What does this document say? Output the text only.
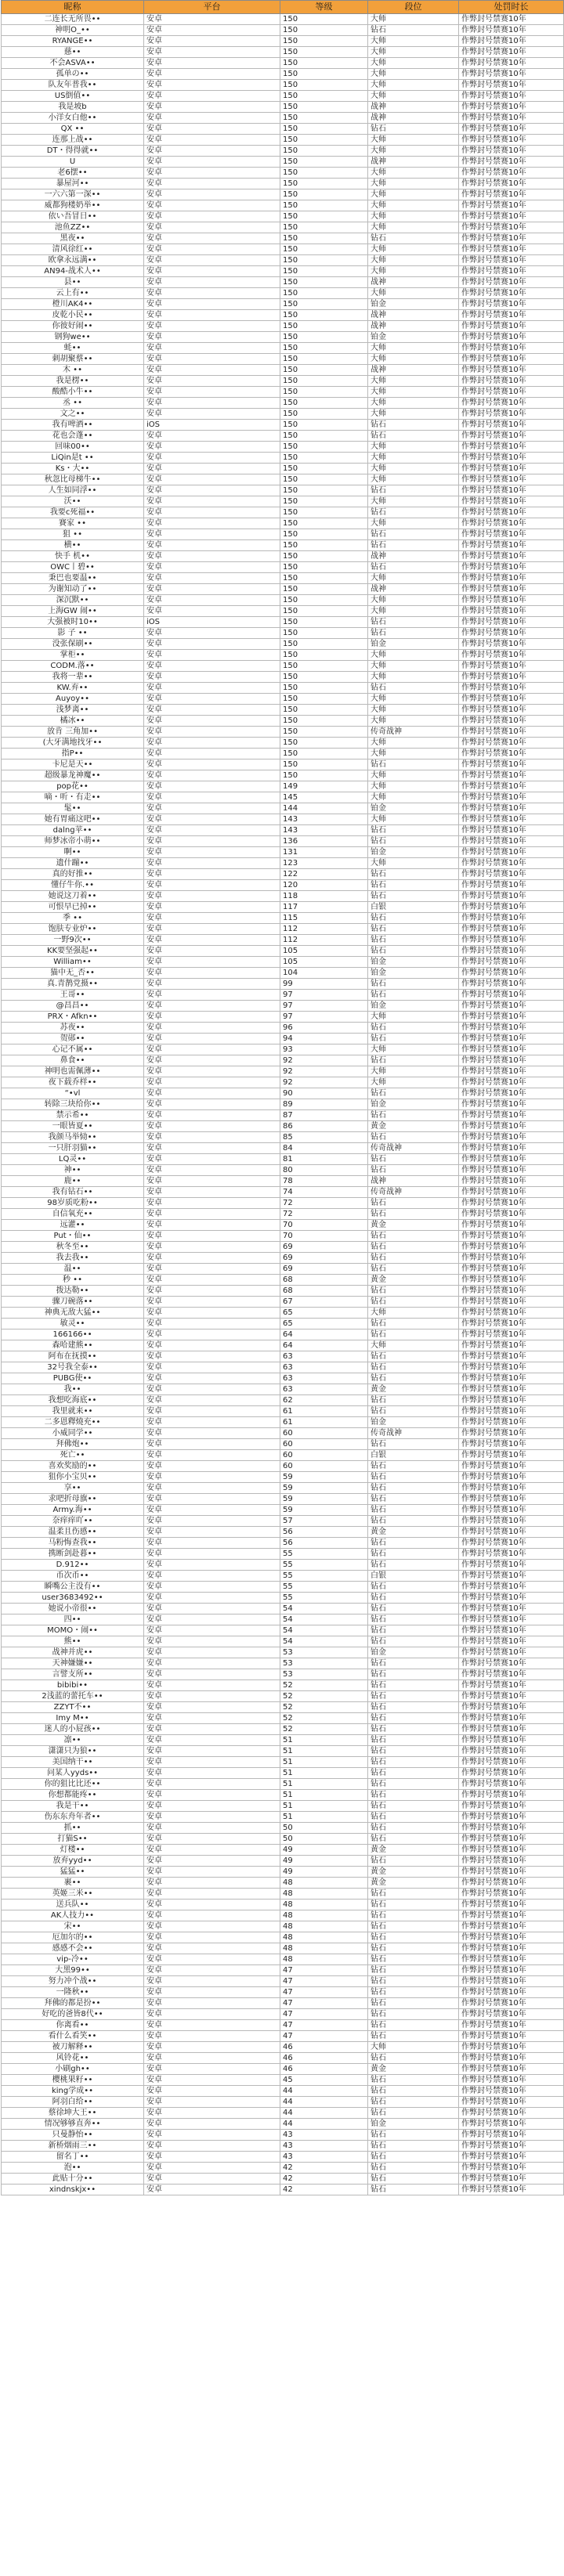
昵称	平台	等级	段位	处罚时长
二连长无所畏••	安卓	150	大师	作弊封号禁赛10年
神明O_••	安卓	150	钻石	作弊封号禁赛10年
RYANGE••	安卓	150	大师	作弊封号禁赛10年
慈••	安卓	150	大师	作弊封号禁赛10年
不会ASVA••	安卓	150	大师	作弊封号禁赛10年
孤单の••	安卓	150	大师	作弊封号禁赛10年
队友年普我••	安卓	150	大师	作弊封号禁赛10年
US倒值••	安卓	150	大师	作弊封号禁赛10年
我是坡b	安卓	150	战神	作弊封号禁赛10年
小洋女白他••	安卓	150	战神	作弊封号禁赛10年
QX ••	安卓	150	钻石	作弊封号禁赛10年
连那上战••	安卓	150	大师	作弊封号禁赛10年
DT・得得就••	安卓	150	大师	作弊封号禁赛10年
U	安卓	150	战神	作弊封号禁赛10年
老6摆••	安卓	150	大师	作弊封号禁赛10年
暴屋河••	安卓	150	大师	作弊封号禁赛10年
一六六第一深••	安卓	150	大师	作弊封号禁赛10年
威都狗楼奶举••	安卓	150	大师	作弊封号禁赛10年
依い吾冒日••	安卓	150	大师	作弊封号禁赛10年
池鱼ZZ••	安卓	150	大师	作弊封号禁赛10年
黑夜••	安卓	150	钻石	作弊封号禁赛10年
清风徐红••	安卓	150	大师	作弊封号禁赛10年
欧拿永远满••	安卓	150	大师	作弊封号禁赛10年
AN94-战术人••	安卓	150	大师	作弊封号禁赛10年
县••	安卓	150	战神	作弊封号禁赛10年
云上有••	安卓	150	大师	作弊封号禁赛10年
橙川AK4••	安卓	150	铂金	作弊封号禁赛10年
皮乾小民••	安卓	150	战神	作弊封号禁赛10年
你彼好闹••	安卓	150	战神	作弊封号禁赛10年
钢狗we••	安卓	150	铂金	作弊封号禁赛10年
蚝••	安卓	150	大师	作弊封号禁赛10年
刺胡聚蔡••	安卓	150	大师	作弊封号禁赛10年
木 ••	安卓	150	战神	作弊封号禁赛10年
我是楞••	安卓	150	大师	作弊封号禁赛10年
酸酷小牛••	安卓	150	大师	作弊封号禁赛10年
丞 ••	安卓	150	大师	作弊封号禁赛10年
文之••	安卓	150	大师	作弊封号禁赛10年
我有啤酒••	iOS	150	钻石	作弊封号禁赛10年
花也会蓬••	安卓	150	钻石	作弊封号禁赛10年
回味00••	安卓	150	大师	作弊封号禁赛10年
LiQin是t ••	安卓	150	大师	作弊封号禁赛10年
Ks・大••	安卓	150	大师	作弊封号禁赛10年
秋忽比母梯牛••	安卓	150	大师	作弊封号禁赛10年
人生如同浮••	安卓	150	钻石	作弊封号禁赛10年
沃••	安卓	150	大师	作弊封号禁赛10年
我要c死福••	安卓	150	钻石	作弊封号禁赛10年
賽家 ••	安卓	150	大师	作弊封号禁赛10年
狙 ••	安卓	150	钻石	作弊封号禁赛10年
横••	安卓	150	钻石	作弊封号禁赛10年
快手 机••	安卓	150	战神	作弊封号禁赛10年
OWC丨碧••	安卓	150	钻石	作弊封号禁赛10年
秉巴也要温••	安卓	150	大师	作弊封号禁赛10年
为谢知动了••	安卓	150	战神	作弊封号禁赛10年
深沉默••	安卓	150	大师	作弊封号禁赛10年
上海GW 闹••	安卓	150	大师	作弊封号禁赛10年
大强被时10••	iOS	150	钻石	作弊封号禁赛10年
影 子 ••	安卓	150	钻石	作弊封号禁赛10年
没张保刷••	安卓	150	铂金	作弊封号禁赛10年
掌柜••	安卓	150	大师	作弊封号禁赛10年
CODM.落••	安卓	150	大师	作弊封号禁赛10年
我将一辈••	安卓	150	大师	作弊封号禁赛10年
KW.弃••	安卓	150	钻石	作弊封号禁赛10年
Auyoy••	安卓	150	大师	作弊封号禁赛10年
浅梦离••	安卓	150	大师	作弊封号禁赛10年
橘冰••	安卓	150	大师	作弊封号禁赛10年
放肯 三角加••	安卓	150	传奇战神	作弊封号禁赛10年
(大牙满地找牙••	安卓	150	大师	作弊封号禁赛10年
指P••	安卓	150	大师	作弊封号禁赛10年
卡尼是天••	安卓	150	钻石	作弊封号禁赛10年
超级暴龙神魔••	安卓	150	大师	作弊封号禁赛10年
pop花••	安卓	149	大师	作弊封号禁赛10年
嘀・听・有走••	安卓	145	大师	作弊封号禁赛10年
髦••	安卓	144	铂金	作弊封号禁赛10年
她有胃痛这吧••	安卓	143	大师	作弊封号禁赛10年
dalng苹••	安卓	143	钻石	作弊封号禁赛10年
师梦冰帝小萌••	安卓	136	钻石	作弊封号禁赛10年
啊••	安卓	131	铂金	作弊封号禁赛10年
遗什蹦••	安卓	123	大师	作弊封号禁赛10年
真的好推••	安卓	122	钻石	作弊封号禁赛10年
懂仔牛你.••	安卓	120	钻石	作弊封号禁赛10年
她说这刀着••	安卓	118	钻石	作弊封号禁赛10年
可恨早已掉••	安卓	117	白银	作弊封号禁赛10年
季 ••	安卓	115	钻石	作弊封号禁赛10年
饱肤专业炉••	安卓	112	钻石	作弊封号禁赛10年
一野9次••	安卓	112	钻石	作弊封号禁赛10年
KK要坚强起••	安卓	105	钻石	作弊封号禁赛10年
William••	安卓	105	铂金	作弊封号禁赛10年
猫中无_否••	安卓	104	铂金	作弊封号禁赛10年
真.青鹊党摄••	安卓	99	钻石	作弊封号禁赛10年
王哥••	安卓	97	钻石	作弊封号禁赛10年
@昌昌••	安卓	97	铂金	作弊封号禁赛10年
PRX・Afkn••	安卓	97	大师	作弊封号禁赛10年
苏夜••	安卓	96	钻石	作弊封号禁赛10年
贺郧••	安卓	94	钻石	作弊封号禁赛10年
心记不属••	安卓	93	大师	作弊封号禁赛10年
鼻食••	安卓	92	钻石	作弊封号禁赛10年
神明也需佩薄••	安卓	92	大师	作弊封号禁赛10年
夜下载乔样••	安卓	92	大师	作弊封号禁赛10年
“•vl	安卓	90	钻石	作弊封号禁赛10年
转除三块给你••	安卓	89	铂金	作弊封号禁赛10年
禁示希••	安卓	87	钻石	作弊封号禁赛10年
一眼皆夏••	安卓	86	黄金	作弊封号禁赛10年
我颜马举恸••	安卓	85	钻石	作弊封号禁赛10年
一只肝羽猫••	安卓	84	传奇战神	作弊封号禁赛10年
LQ灵••	安卓	81	钻石	作弊封号禁赛10年
神••	安卓	80	钻石	作弊封号禁赛10年
鹿••	安卓	78	战神	作弊封号禁赛10年
我有钻石••	安卓	74	传奇战神	作弊封号禁赛10年
98岁质吃粉••	安卓	72	钻石	作弊封号禁赛10年
自信氧充••	安卓	72	钻石	作弊封号禁赛10年
远灌••	安卓	70	黄金	作弊封号禁赛10年
Put・仙••	安卓	70	钻石	作弊封号禁赛10年
秋冬至••	安卓	69	钻石	作弊封号禁赛10年
我去我••	安卓	69	钻石	作弊封号禁赛10年
温••	安卓	69	钻石	作弊封号禁赛10年
秒 ••	安卓	68	黄金	作弊封号禁赛10年
拨达勒••	安卓	68	钻石	作弊封号禁赛10年
骤刀碗落••	安卓	67	钻石	作弊封号禁赛10年
神典无敌大猛••	安卓	65	大师	作弊封号禁赛10年
敏灵••	安卓	65	钻石	作弊封号禁赛10年
166166••	安卓	64	钻石	作弊封号禁赛10年
森哈建熊••	安卓	64	大师	作弊封号禁赛10年
阿布在抚摸••	安卓	63	钻石	作弊封号禁赛10年
32号我全泰••	安卓	63	钻石	作弊封号禁赛10年
PUBG使••	安卓	63	钻石	作弊封号禁赛10年
我••	安卓	63	黄金	作弊封号禁赛10年
我想吃海底••	安卓	62	钻石	作弊封号禁赛10年
我里就来••	安卓	61	钻石	作弊封号禁赛10年
二多恩釋燒充••	安卓	61	铂金	作弊封号禁赛10年
小威同学••	安卓	60	传奇战神	作弊封号禁赛10年
拜佛炮••	安卓	60	钻石	作弊封号禁赛10年
死亡••	安卓	60	白银	作弊封号禁赛10年
喜欢奖励的••	安卓	60	钻石	作弊封号禁赛10年
狙你小宝贝••	安卓	59	钻石	作弊封号禁赛10年
享••	安卓	59	钻石	作弊封号禁赛10年
求吧折母旗••	安卓	59	钻石	作弊封号禁赛10年
Army.海••	安卓	59	钻石	作弊封号禁赛10年
奈痒痒吖••	安卓	57	钻石	作弊封号禁赛10年
温柔且伤感••	安卓	56	黄金	作弊封号禁赛10年
马粉悔查我••	安卓	56	钻石	作弊封号禁赛10年
携断剑赴暮••	安卓	55	钻石	作弊封号禁赛10年
D.912••	安卓	55	钻石	作弊封号禁赛10年
币次币••	安卓	55	白银	作弊封号禁赛10年
瞬嘴公主没有••	安卓	55	钻石	作弊封号禁赛10年
user3683492••	安卓	55	钻石	作弊封号禁赛10年
她说小帝很••	安卓	54	钻石	作弊封号禁赛10年
四••	安卓	54	钻石	作弊封号禁赛10年
MOMO・闹••	安卓	54	钻石	作弊封号禁赛10年
熊••	安卓	54	钻石	作弊封号禁赛10年
战神并虎••	安卓	53	铂金	作弊封号禁赛10年
天神嫌嫌••	安卓	53	钻石	作弊封号禁赛10年
言譬支所••	安卓	53	钻石	作弊封号禁赛10年
bibibi••	安卓	52	钻石	作弊封号禁赛10年
2浅蓝的蕾托车••	安卓	52	钻石	作弊封号禁赛10年
ZZYT不••	安卓	52	钻石	作弊封号禁赛10年
Imy M••	安卓	52	钻石	作弊封号禁赛10年
迷人的小屁孩••	安卓	52	钻石	作弊封号禁赛10年
凛••	安卓	51	钻石	作弊封号禁赛10年
潇潇只为狼••	安卓	51	钻石	作弊封号禁赛10年
美国纳干••	安卓	51	钻石	作弊封号禁赛10年
问某人yyds••	安卓	51	钻石	作弊封号禁赛10年
你的狙比比还••	安卓	51	钻石	作弊封号禁赛10年
你想都能疼••	安卓	51	钻石	作弊封号禁赛10年
我是干••	安卓	51	钻石	作弊封号禁赛10年
伤东东舟年者••	安卓	51	钻石	作弊封号禁赛10年
抓••	安卓	50	钻石	作弊封号禁赛10年
打猫S••	安卓	50	钻石	作弊封号禁赛10年
灯楼••	安卓	49	黄金	作弊封号禁赛10年
放弃yyd••	安卓	49	钻石	作弊封号禁赛10年
猛猛••	安卓	49	黄金	作弊封号禁赛10年
裹••	安卓	48	黄金	作弊封号禁赛10年
英姬三米••	安卓	48	钻石	作弊封号禁赛10年
送兵队••	安卓	48	钻石	作弊封号禁赛10年
AK人技力••	安卓	48	钻石	作弊封号禁赛10年
宋••	安卓	48	钻石	作弊封号禁赛10年
厄加尔的••	安卓	48	钻石	作弊封号禁赛10年
感感不会••	安卓	48	钻石	作弊封号禁赛10年
vip-冷••	安卓	48	钻石	作弊封号禁赛10年
大黑99••	安卓	47	钻石	作弊封号禁赛10年
努力冲个战••	安卓	47	钻石	作弊封号禁赛10年
一隆秋••	安卓	47	钻石	作弊封号禁赛10年
拜佛的都是扮••	安卓	47	钻石	作弊封号禁赛10年
好吃的爸皆8代••	安卓	47	钻石	作弊封号禁赛10年
你离看••	安卓	47	钻石	作弊封号禁赛10年
看什么看笑••	安卓	47	钻石	作弊封号禁赛10年
被刀解释••	安卓	46	大师	作弊封号禁赛10年
风铃花••	安卓	46	钻石	作弊封号禁赛10年
小刷gh••	安卓	46	黄金	作弊封号禁赛10年
樱桃果籽••	安卓	45	钻石	作弊封号禁赛10年
king学成••	安卓	44	钻石	作弊封号禁赛10年
阿羽白给••	安卓	44	钻石	作弊封号禁赛10年
蔡徐坤大王••	安卓	44	钻石	作弊封号禁赛10年
情况够够直奔••	安卓	44	铂金	作弊封号禁赛10年
只曼静怡••	安卓	43	钻石	作弊封号禁赛10年
新桥烟雨三••	安卓	43	钻石	作弊封号禁赛10年
留名丁••	安卓	43	钻石	作弊封号禁赛10年
泡••	安卓	42	钻石	作弊封号禁赛10年
此贴十分••	安卓	42	钻石	作弊封号禁赛10年
xindnskjx••	安卓	42	钻石	作弊封号禁赛10年
